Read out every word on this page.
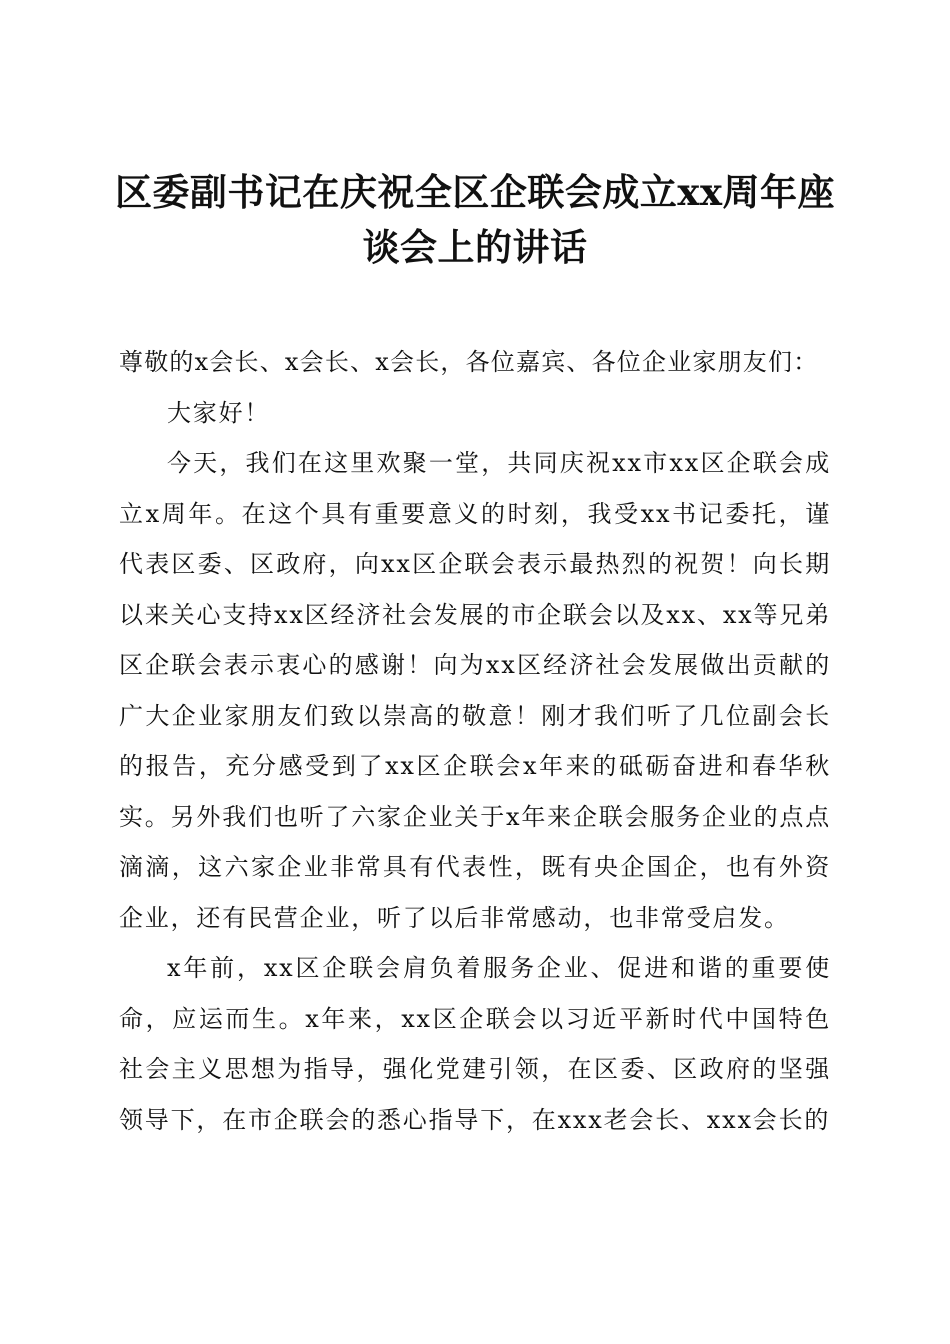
区委副书记在庆祝全区企联会成立xx周年座
谈会上的讲话

尊敬的x会长、x会长、x会长，各位嘉宾、各位企业家朋友们：

大家好！

今天，我们在这里欢聚一堂，共同庆祝xx市xx区企联会成立x周年。在这个具有重要意义的时刻，我受xx书记委托，谨代表区委、区政府，向xx区企联会表示最热烈的祝贺！向长期以来关心支持xx区经济社会发展的市企联会以及xx、xx等兄弟区企联会表示衷心的感谢！向为xx区经济社会发展做出贡献的广大企业家朋友们致以崇高的敬意！刚才我们听了几位副会长的报告，充分感受到了xx区企联会x年来的砥砺奋进和春华秋实。另外我们也听了六家企业关于x年来企联会服务企业的点点滴滴，这六家企业非常具有代表性，既有央企国企，也有外资企业，还有民营企业，听了以后非常感动，也非常受启发。

x年前，xx区企联会肩负着服务企业、促进和谐的重要使命，应运而生。x年来，xx区企联会以习近平新时代中国特色社会主义思想为指导，强化党建引领，在区委、区政府的坚强领导下，在市企联会的悉心指导下，在xxx老会长、xxx会长的
